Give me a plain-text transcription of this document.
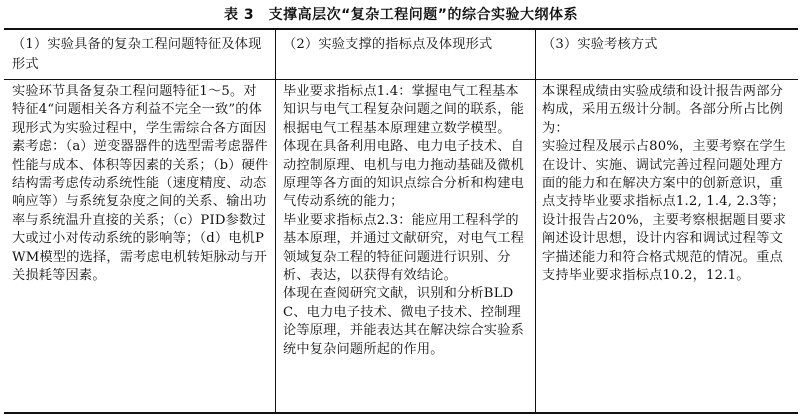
表 3　支撑高层次“复杂工程问题”的综合实验大纲体系
（1）实验具备的复杂工程问题特征及体现形式
（2）实验支撑的指标点及体现形式	（3）实验考核方式
实验环节具备复杂工程问题特征1～5。对特征4“问题相关各方利益不完全一致”的体现形式为实验过程中，学生需综合各方面因素考虑：（a）逆变器器件的选型需考虑器件性能与成本、体积等因素的关系；（b）硬件结构需考虑传动系统性能（速度精度、动态响应等）与系统复杂度之间的关系、输出功率与系统温升直接的关系；（c）PID参数过大或过小对传动系统的影响等；（d）电机PWM模型的选择，需考虑电机转矩脉动与开关损耗等因素。
毕业要求指标点1.4：掌握电气工程基本知识与电气工程复杂问题之间的联系，能根据电气工程基本原理建立数学模型。
体现在具备利用电路、电力电子技术、自动控制原理、电机与电力拖动基础及微机原理等各方面的知识点综合分析和构建电气传动系统的能力；
毕业要求指标点2.3：能应用工程科学的基本原理，并通过文献研究，对电气工程领域复杂工程的特征问题进行识别、分析、表达，以获得有效结论。
体现在查阅研究文献，识别和分析BLDC、电力电子技术、微电子技术、控制理论等原理，并能表达其在解决综合实验系统中复杂问题所起的作用。
本课程成绩由实验成绩和设计报告两部分构成，采用五级计分制。各部分所占比例为：
实验过程及展示占80%，主要考察在学生在设计、实施、调试完善过程问题处理方面的能力和在解决方案中的创新意识，重点支持毕业要求指标点1.2, 1.4, 2.3等；
设计报告占20%，主要考察根据题目要求阐述设计思想，设计内容和调试过程等文字描述能力和符合格式规范的情况。重点支持毕业要求指标点10.2，12.1。
